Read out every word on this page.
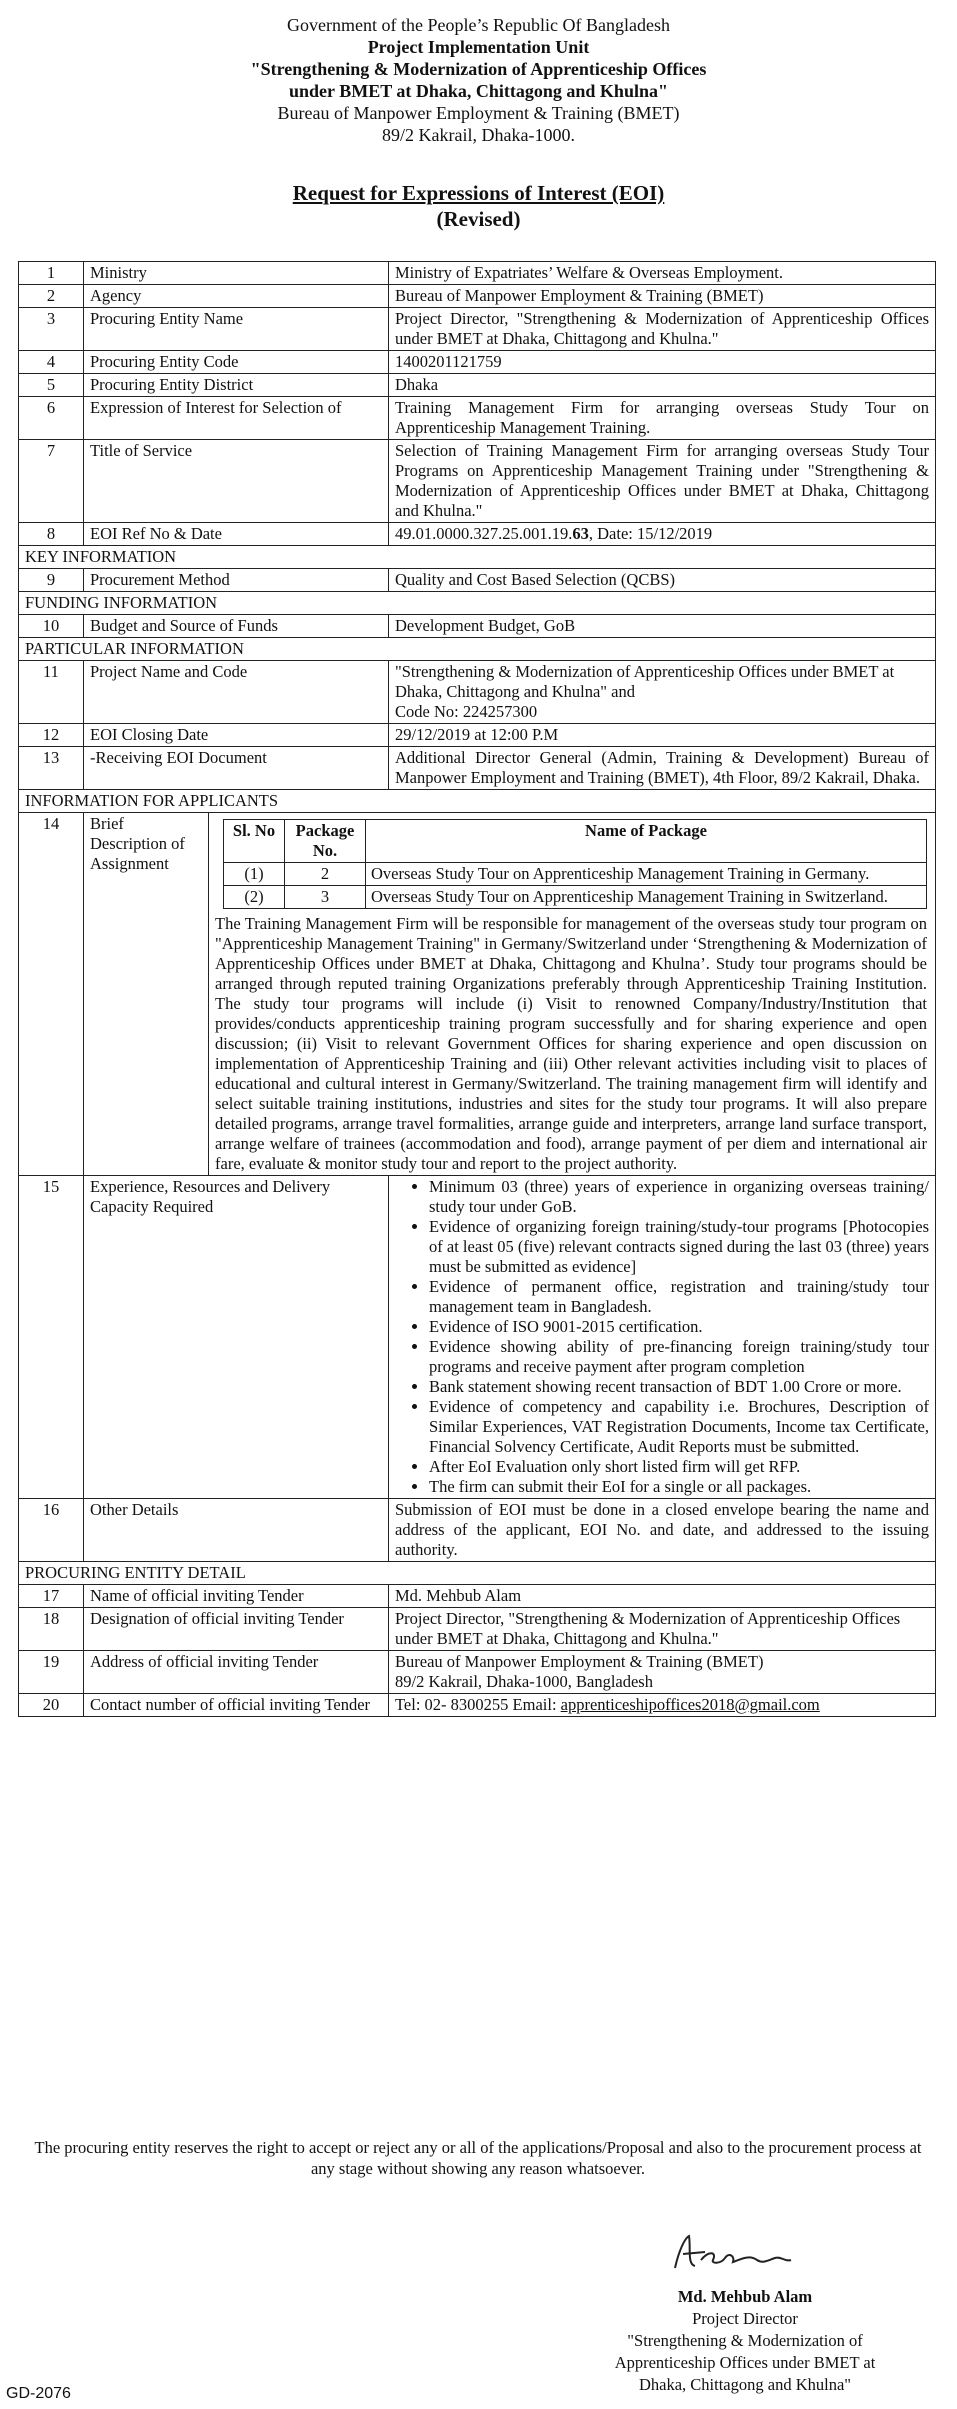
Government of the People’s Republic Of Bangladesh
Project Implementation Unit
"Strengthening & Modernization of Apprenticeship Offices
under BMET at Dhaka, Chittagong and Khulna"
Bureau of Manpower Employment & Training (BMET)
89/2 Kakrail, Dhaka-1000.
Request for Expressions of Interest (EOI)
(Revised)
1	Ministry	Ministry of Expatriates’ Welfare & Overseas Employment.
2	Agency	Bureau of Manpower Employment & Training (BMET)
3	Procuring Entity Name	Project Director, "Strengthening & Modernization of Apprenticeship Offices under BMET at Dhaka, Chittagong and Khulna."
4	Procuring Entity Code	1400201121759
5	Procuring Entity District	Dhaka
6	Expression of Interest for Selection of	Training Management Firm for arranging overseas Study Tour on Apprenticeship Management Training.
7	Title of Service	Selection of Training Management Firm for arranging overseas Study Tour Programs on Apprenticeship Management Training under "Strengthening & Modernization of Apprenticeship Offices under BMET at Dhaka, Chittagong and Khulna."
8	EOI Ref No & Date	49.01.0000.327.25.001.19.63, Date: 15/12/2019
KEY INFORMATION
9	Procurement Method	Quality and Cost Based Selection (QCBS)
FUNDING INFORMATION
10	Budget and Source of Funds	Development Budget, GoB
PARTICULAR INFORMATION
11	Project Name and Code	"Strengthening & Modernization of Apprenticeship Offices under BMET at Dhaka, Chittagong and Khulna" and
Code No: 224257300

12	EOI Closing Date	29/12/2019 at 12:00 P.M
13	-Receiving EOI Document	Additional Director General (Admin, Training & Development) Bureau of Manpower Employment and Training (BMET), 4th Floor, 89/2 Kakrail, Dhaka.
INFORMATION FOR APPLICANTS
14	Brief Description of Assignment	
Sl. No	Package No.	Name of Package
(1)	2	Overseas Study Tour on Apprenticeship Management Training in Germany.
(2)	3	Overseas Study Tour on Apprenticeship Management Training in Switzerland.

	The Training Management Firm will be responsible for management of the overseas study tour program on "Apprenticeship Management Training" in Germany/Switzerland under ‘Strengthening & Modernization of Apprenticeship Offices under BMET at Dhaka, Chittagong and Khulna’. Study tour programs should be arranged through reputed training Organizations preferably through Apprenticeship Training Institution. The study tour programs will include (i) Visit to renowned Company/Industry/Institution that provides/conducts apprenticeship training program successfully and for sharing experience and open discussion; (ii) Visit to relevant Government Offices for sharing experience and open discussion on implementation of Apprenticeship Training and (iii) Other relevant activities including visit to places of educational and cultural interest in Germany/Switzerland. The training management firm will identify and select suitable training institutions, industries and sites for the study tour programs. It will also prepare detailed programs, arrange travel formalities, arrange guide and interpreters, arrange land surface transport, arrange welfare of trainees (accommodation and food), arrange payment of per diem and international air fare, evaluate & monitor study tour and report to the project authority.

15	Experience, Resources and Delivery Capacity Required	
• Minimum 03 (three) years of experience in organizing overseas training/ study tour under GoB.
• Evidence of organizing foreign training/study-tour programs [Photocopies of at least 05 (five) relevant contracts signed during the last 03 (three) years must be submitted as evidence]
• Evidence of permanent office, registration and training/study tour management team in Bangladesh.
• Evidence of ISO 9001-2015 certification.
• Evidence showing ability of pre-financing foreign training/study tour programs and receive payment after program completion
• Bank statement showing recent transaction of BDT 1.00 Crore or more.
• Evidence of competency and capability i.e. Brochures, Description of Similar Experiences, VAT Registration Documents, Income tax Certificate, Financial Solvency Certificate, Audit Reports must be submitted.
• After EoI Evaluation only short listed firm will get RFP.
• The firm can submit their EoI for a single or all packages.

16	Other Details	Submission of EOI must be done in a closed envelope bearing the name and address of the applicant, EOI No. and date, and addressed to the issuing authority.
PROCURING ENTITY DETAIL
17	Name of official inviting Tender	Md. Mehbub Alam
18	Designation of official inviting Tender	Project Director, "Strengthening & Modernization of Apprenticeship Offices under BMET at Dhaka, Chittagong and Khulna."
19	Address of official inviting Tender	Bureau of Manpower Employment & Training (BMET)
89/2 Kakrail, Dhaka-1000, Bangladesh

20	Contact number of official inviting Tender	Tel: 02- 8300255 Email: apprenticeshipoffices2018@gmail.com
The procuring entity reserves the right to accept or reject any or all of the applications/Proposal and also to the procurement process at any stage without showing any reason whatsoever.
Md. Mehbub Alam
Project Director
"Strengthening & Modernization of
Apprenticeship Offices under BMET at
Dhaka, Chittagong and Khulna"
GD-2076
